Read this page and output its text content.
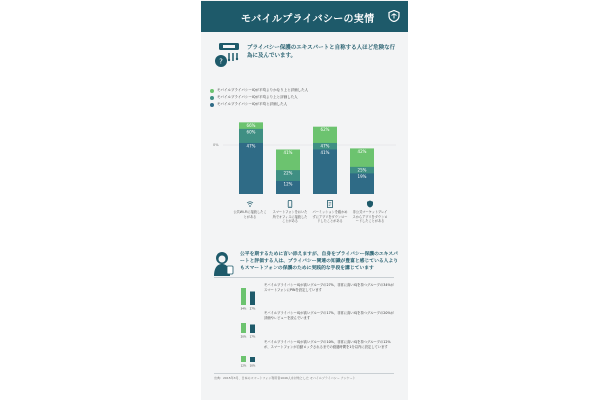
モバイルプライバシーの実情
?
プライバシー保護のエキスパートと自称する人ほど危険な行為に及んでいます。
モバイルプライバシーIQが平均よりかなり上と評価した人
モバイルプライバシーIQが平均より上と評価した人
モバイルプライバシーIQが平均と評価した人
0%
66%
60%
47%
41%
22%
12%
62%
47%
41%	42%
25%
19%
公共Wi-Fiに接続したことがある
スマートフォンをおいた所でオフィスに接続したことがある
パーミッションを確かめずにアプリをダウンロードしたことがある
非公式マーケットプレイスからアプリをダウンロードしたことがある
公平を期するために言い添えますが、自身をプライバシー保護のエキスパートと評価する人は、プライバシー関連の知識が豊富と感じている人よりもスマートフォンの保護のために実践的な手段を講じています
34% 27%
モバイルプライバシーIQが高いグループの27%、非常に高いIQを持つグループの34%がスマートフォンにPINを設定しています
20% 17%
モバイルプライバシーIQが高いグループの17%、非常に高いIQを持つグループの20%が評価やレビューを読んでいます
12% 10%
モバイルプライバシーIQが高いグループの10%、非常に高いIQを持つグループの12%が、スマートフォンが自動ロックされるまでの経過時間を1分以内に設定しています
出典：2015年3月、日本のスマートフォン利用者1046人を対象とした モバイルプライバシー アンケート
